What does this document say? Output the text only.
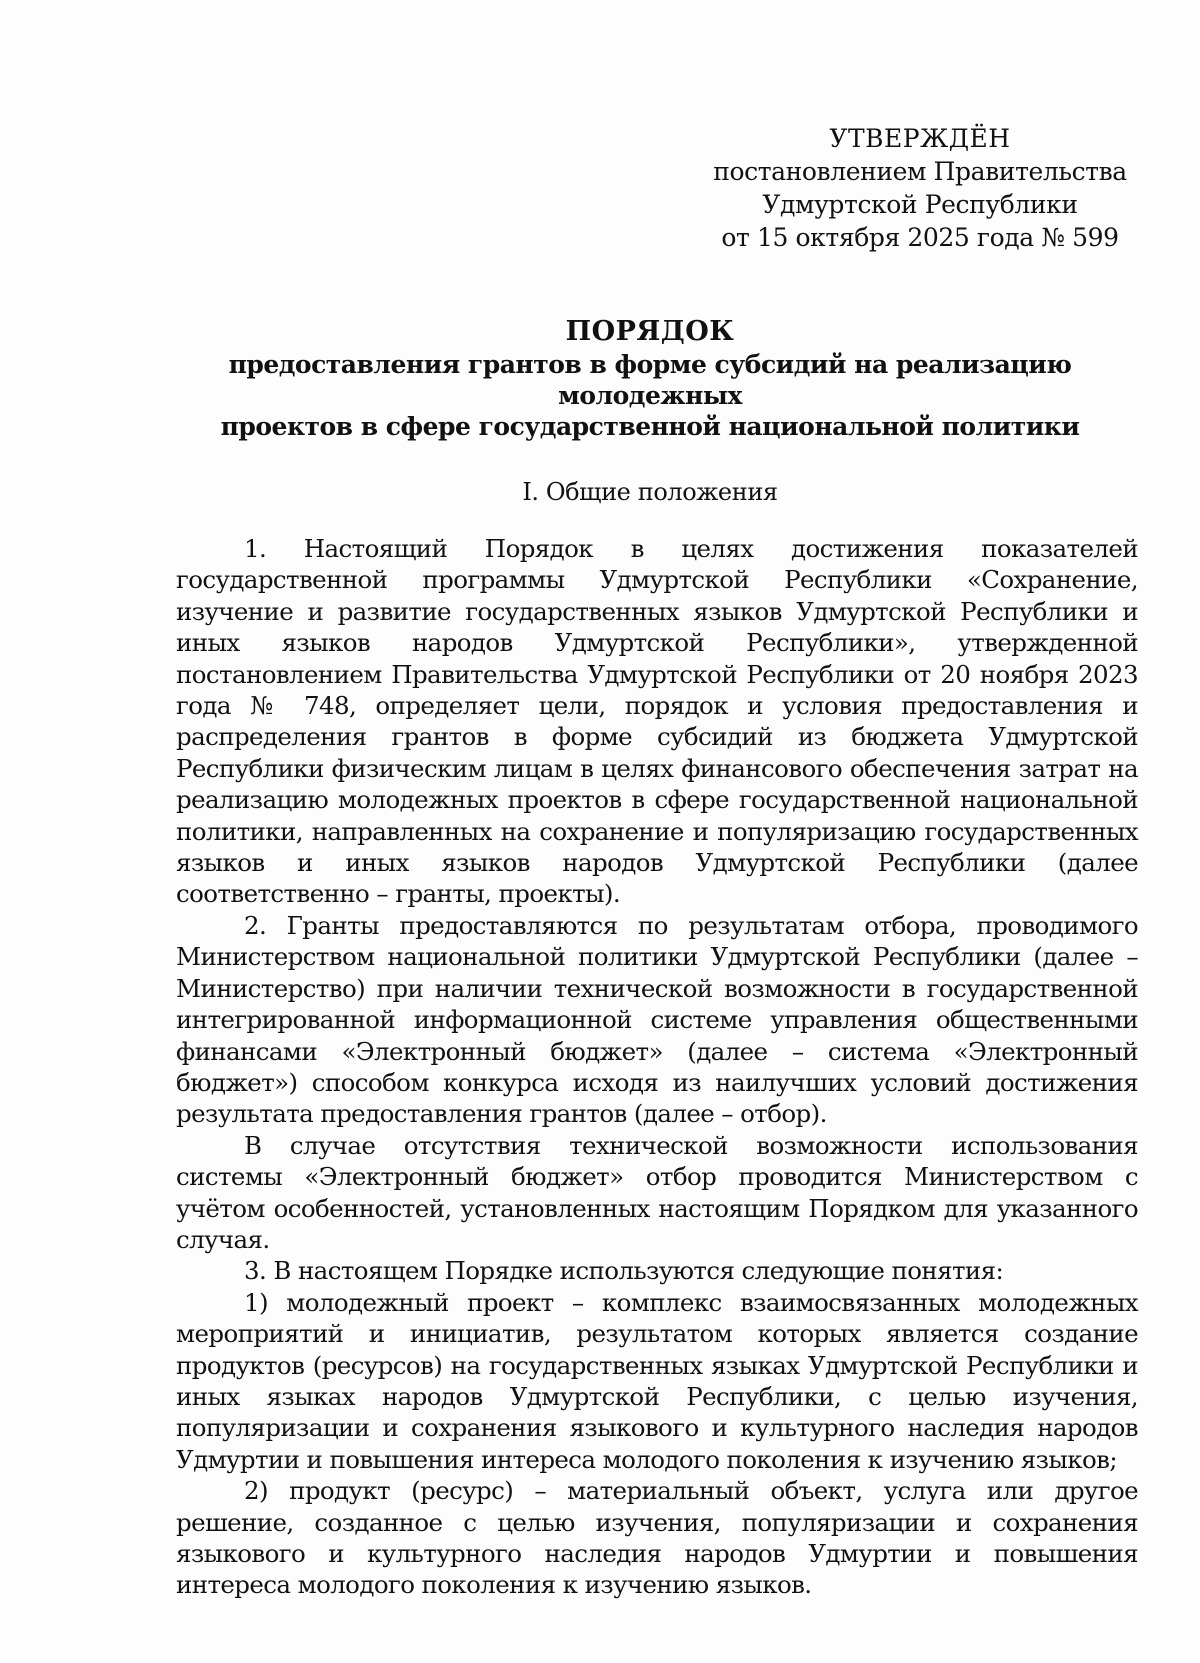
УТВЕРЖДЁН
постановлением Правительства
Удмуртской Республики
от 15 октября 2025 года № 599
ПОРЯДОК
предоставления грантов в форме субсидий на реализацию молодежных
проектов в сфере государственной национальной политики
I. Общие положения

1. Настоящий Порядок в целях достижения показателей государственной программы Удмуртской Республики «Сохранение, изучение и развитие государственных языков Удмуртской Республики и иных языков народов Удмуртской Республики», утвержденной постановлением Правительства Удмуртской Республики от 20 ноября 2023 года № 748, определяет цели, порядок и условия предоставления и распределения грантов в форме субсидий из бюджета Удмуртской Республики физическим лицам в целях финансового обеспечения затрат на реализацию молодежных проектов в сфере государственной национальной политики, направленных на сохранение и популяризацию государственных языков и иных языков народов Удмуртской Республики (далее соответственно – гранты, проекты).

2. Гранты предоставляются по результатам отбора, проводимого Министерством национальной политики Удмуртской Республики (далее – Министерство) при наличии технической возможности в государственной интегрированной информационной системе управления общественными финансами «Электронный бюджет» (далее – система «Электронный бюджет») способом конкурса исходя из наилучших условий достижения результата предоставления грантов (далее – отбор).

В случае отсутствия технической возможности использования системы «Электронный бюджет» отбор проводится Министерством с учётом особенностей, установленных настоящим Порядком для указанного случая.

3. В настоящем Порядке используются следующие понятия:

1) молодежный проект – комплекс взаимосвязанных молодежных мероприятий и инициатив, результатом которых является создание продуктов (ресурсов) на государственных языках Удмуртской Республики и иных языках народов Удмуртской Республики, с целью изучения, популяризации и сохранения языкового и культурного наследия народов Удмуртии и повышения интереса молодого поколения к изучению языков;

2) продукт (ресурс) – материальный объект, услуга или другое решение, созданное с целью изучения, популяризации и сохранения языкового и культурного наследия народов Удмуртии и повышения интереса молодого поколения к изучению языков.
